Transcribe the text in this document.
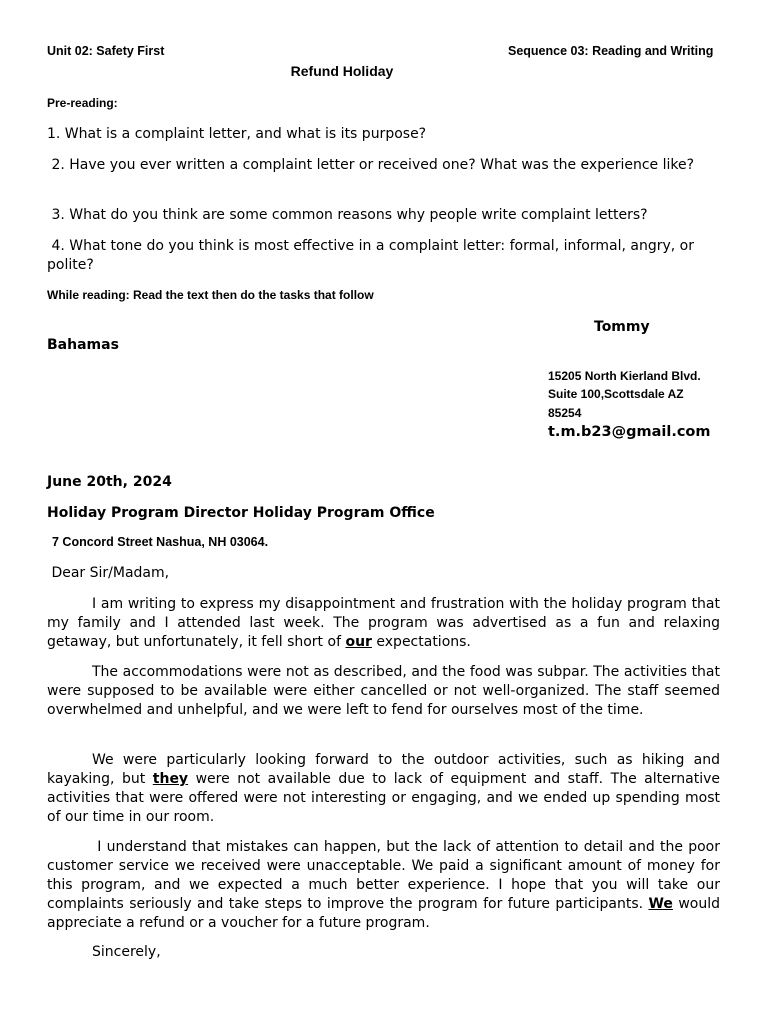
Unit 02: Safety First	Sequence 03: Reading and Writing
Refund Holiday
Pre-reading:
1. What is a complaint letter, and what is its purpose?
2. Have you ever written a complaint letter or received one? What was the experience like?
3. What do you think are some common reasons why people write complaint letters?
4. What tone do you think is most effective in a complaint letter: formal, informal, angry, or polite?
While reading: Read the text then do the tasks that follow
Tommy
Bahamas
15205 North Kierland Blvd.
Suite 100,Scottsdale AZ
85254
t.m.b23@gmail.com
June 20th, 2024
Holiday Program Director Holiday Program Office
7 Concord Street Nashua, NH 03064.
Dear Sir/Madam,
I am writing to express my disappointment and frustration with the holiday program that my family and I attended last week. The program was advertised as a fun and relaxing getaway, but unfortunately, it fell short of our expectations.
The accommodations were not as described, and the food was subpar. The activities that were supposed to be available were either cancelled or not well-organized. The staff seemed overwhelmed and unhelpful, and we were left to fend for ourselves most of the time.
We were particularly looking forward to the outdoor activities, such as hiking and kayaking, but they were not available due to lack of equipment and staff. The alternative activities that were offered were not interesting or engaging, and we ended up spending most of our time in our room.
I understand that mistakes can happen, but the lack of attention to detail and the poor customer service we received were unacceptable. We paid a significant amount of money for this program, and we expected a much better experience. I hope that you will take our complaints seriously and take steps to improve the program for future participants. We would appreciate a refund or a voucher for a future program.
Sincerely,
